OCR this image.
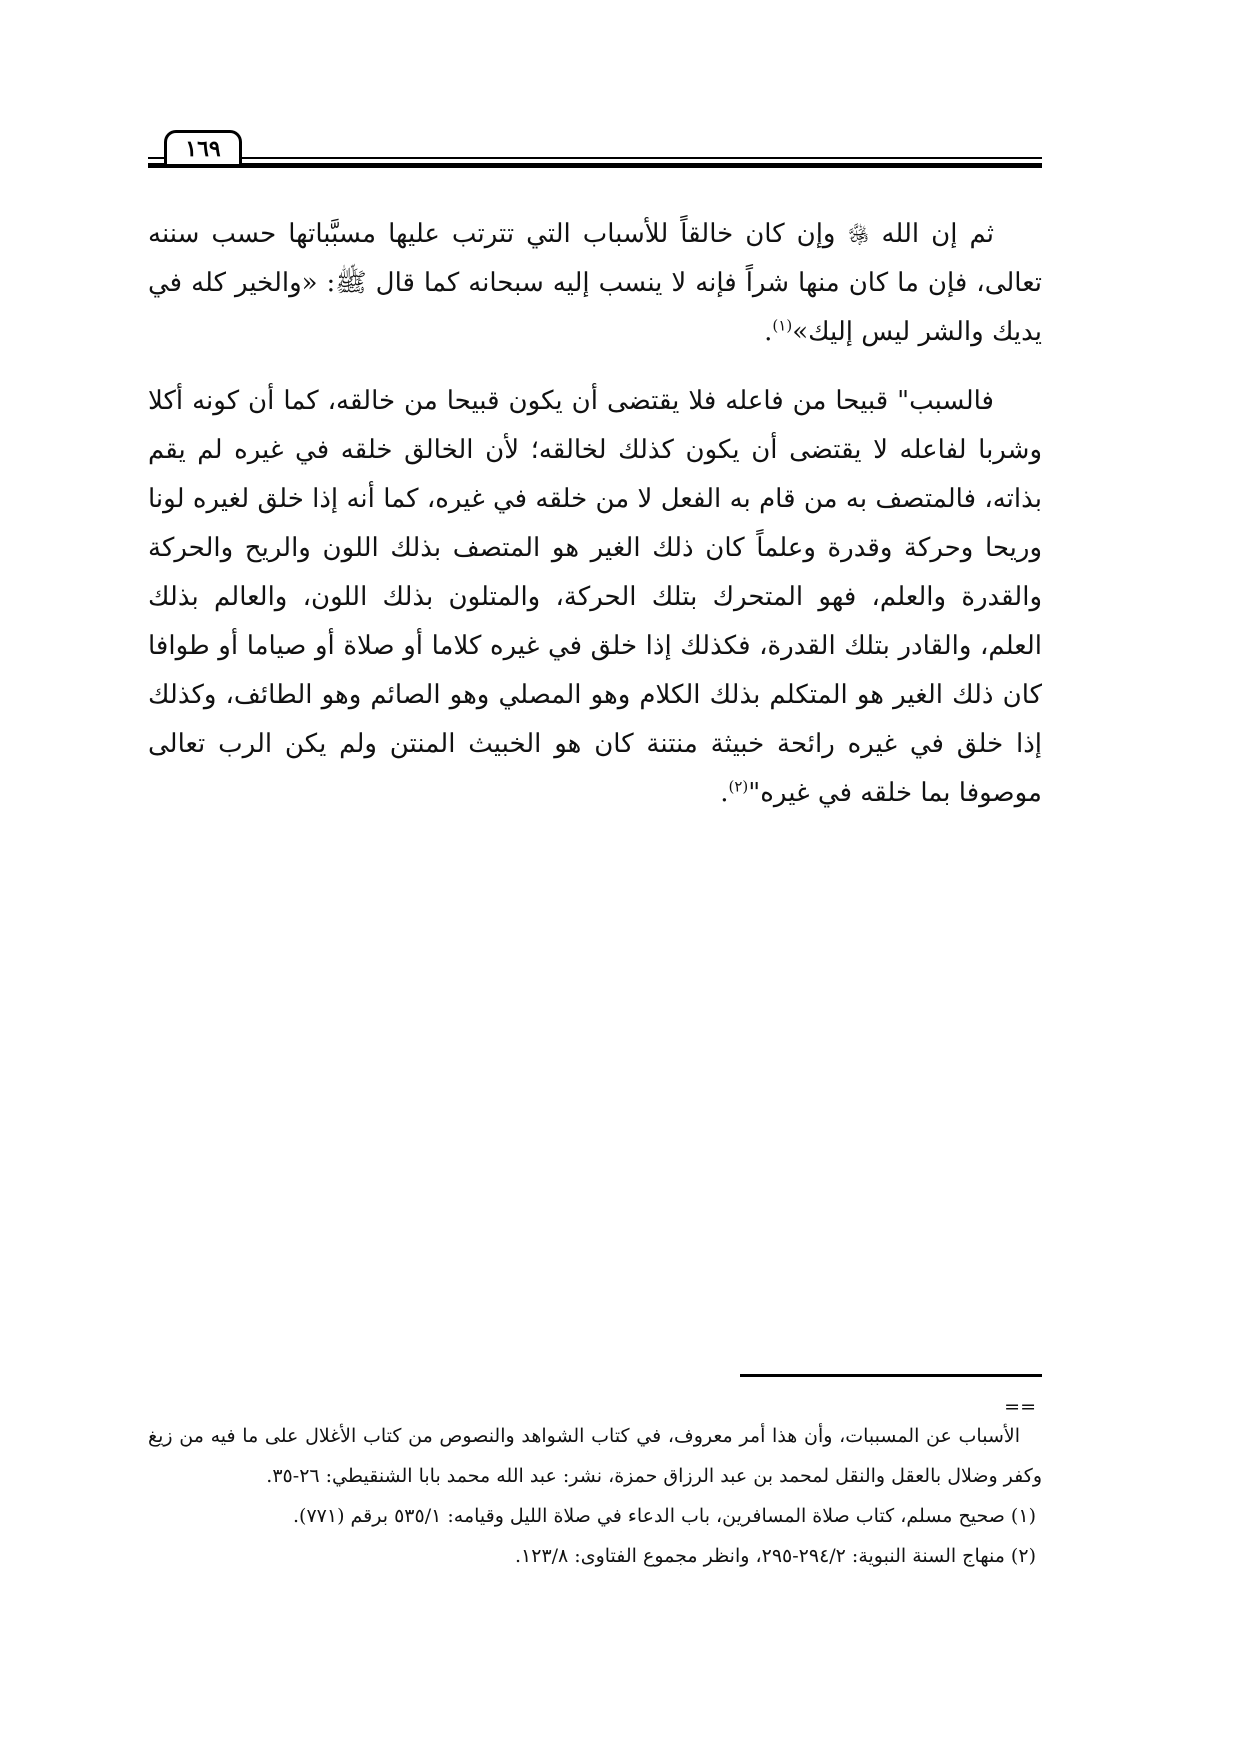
١٦٩

ثم إن الله ﷿ وإن كان خالقاً للأسباب التي تترتب عليها مسبَّباتها حسب سننه تعالى، فإن ما كان منها شراً فإنه لا ينسب إليه سبحانه كما قال ﷺ: «والخير كله في يديك والشر ليس إليك»$^{(١)}$.

فالسبب" قبيحا من فاعله فلا يقتضى أن يكون قبيحا من خالقه، كما أن كونه أكلا وشربا لفاعله لا يقتضى أن يكون كذلك لخالقه؛ لأن الخالق خلقه في غيره لم يقم بذاته، فالمتصف به من قام به الفعل لا من خلقه في غيره، كما أنه إذا خلق لغيره لونا وريحا وحركة وقدرة وعلماً كان ذلك الغير هو المتصف بذلك اللون والريح والحركة والقدرة والعلم، فهو المتحرك بتلك الحركة، والمتلون بذلك اللون، والعالم بذلك العلم، والقادر بتلك القدرة، فكذلك إذا خلق في غيره كلاما أو صلاة أو صياما أو طوافا كان ذلك الغير هو المتكلم بذلك الكلام وهو المصلي وهو الصائم وهو الطائف، وكذلك إذا خلق في غيره رائحة خبيثة منتنة كان هو الخبيث المنتن ولم يكن الرب تعالى موصوفا بما خلقه في غيره"$^{(٢)}$.

==

الأسباب عن المسببات، وأن هذا أمر معروف، في كتاب الشواهد والنصوص من كتاب الأغلال على ما فيه من زيغ وكفر وضلال بالعقل والنقل لمحمد بن عبد الرزاق حمزة، نشر: عبد الله محمد بابا الشنقيطي: ٢٦-٣٥.

(١) صحيح مسلم، كتاب صلاة المسافرين، باب الدعاء في صلاة الليل وقيامه: ٥٣٥/١ برقم (٧٧١).

(٢) منهاج السنة النبوية: ٢٩٤/٢-٢٩٥، وانظر مجموع الفتاوى: ١٢٣/٨.
